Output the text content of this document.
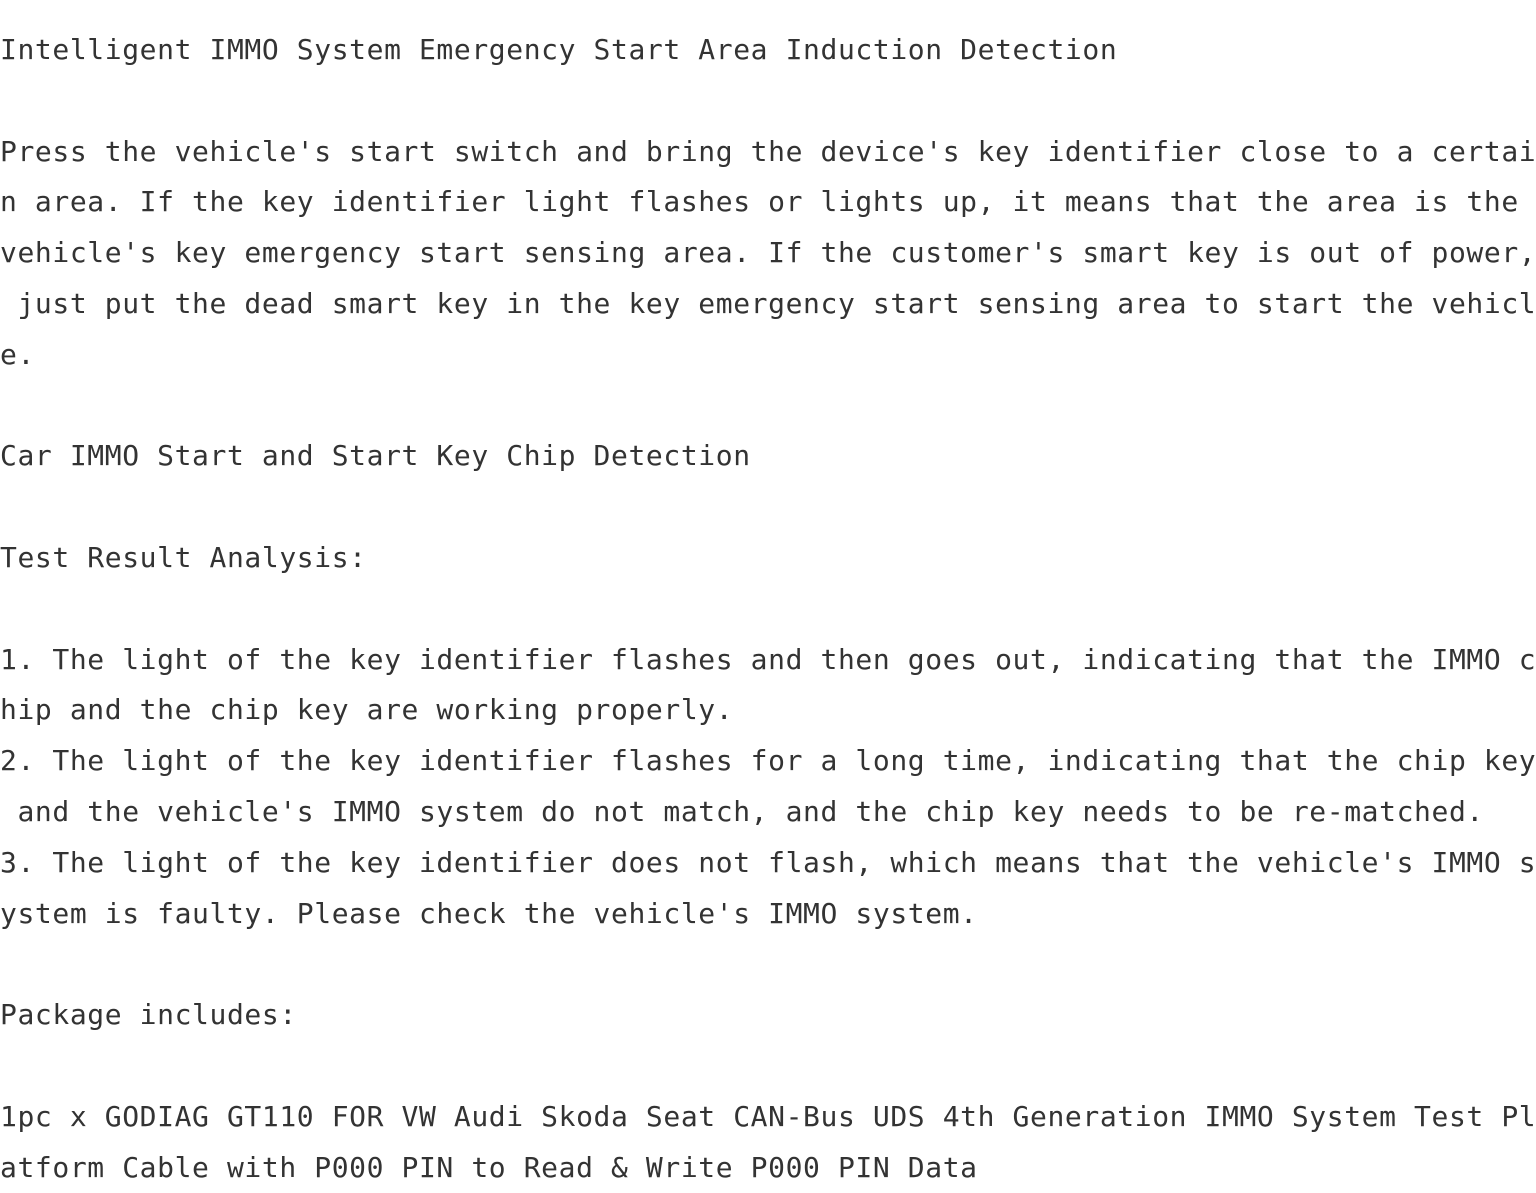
Intelligent IMMO System Emergency Start Area Induction Detection
Press the vehicle's start switch and bring the device's key identifier close to a certai
n area. If the key identifier light flashes or lights up, it means that the area is the
vehicle's key emergency start sensing area. If the customer's smart key is out of power,
just put the dead smart key in the key emergency start sensing area to start the vehicl
e.
Car IMMO Start and Start Key Chip Detection
Test Result Analysis:
1. The light of the key identifier flashes and then goes out, indicating that the IMMO c
hip and the chip key are working properly.
2. The light of the key identifier flashes for a long time, indicating that the chip key
and the vehicle's IMMO system do not match, and the chip key needs to be re-matched.
3. The light of the key identifier does not flash, which means that the vehicle's IMMO s
ystem is faulty. Please check the vehicle's IMMO system.
Package includes:
1pc x GODIAG GT110 FOR VW Audi Skoda Seat CAN-Bus UDS 4th Generation IMMO System Test Pl
atform Cable with P000 PIN to Read & Write P000 PIN Data
